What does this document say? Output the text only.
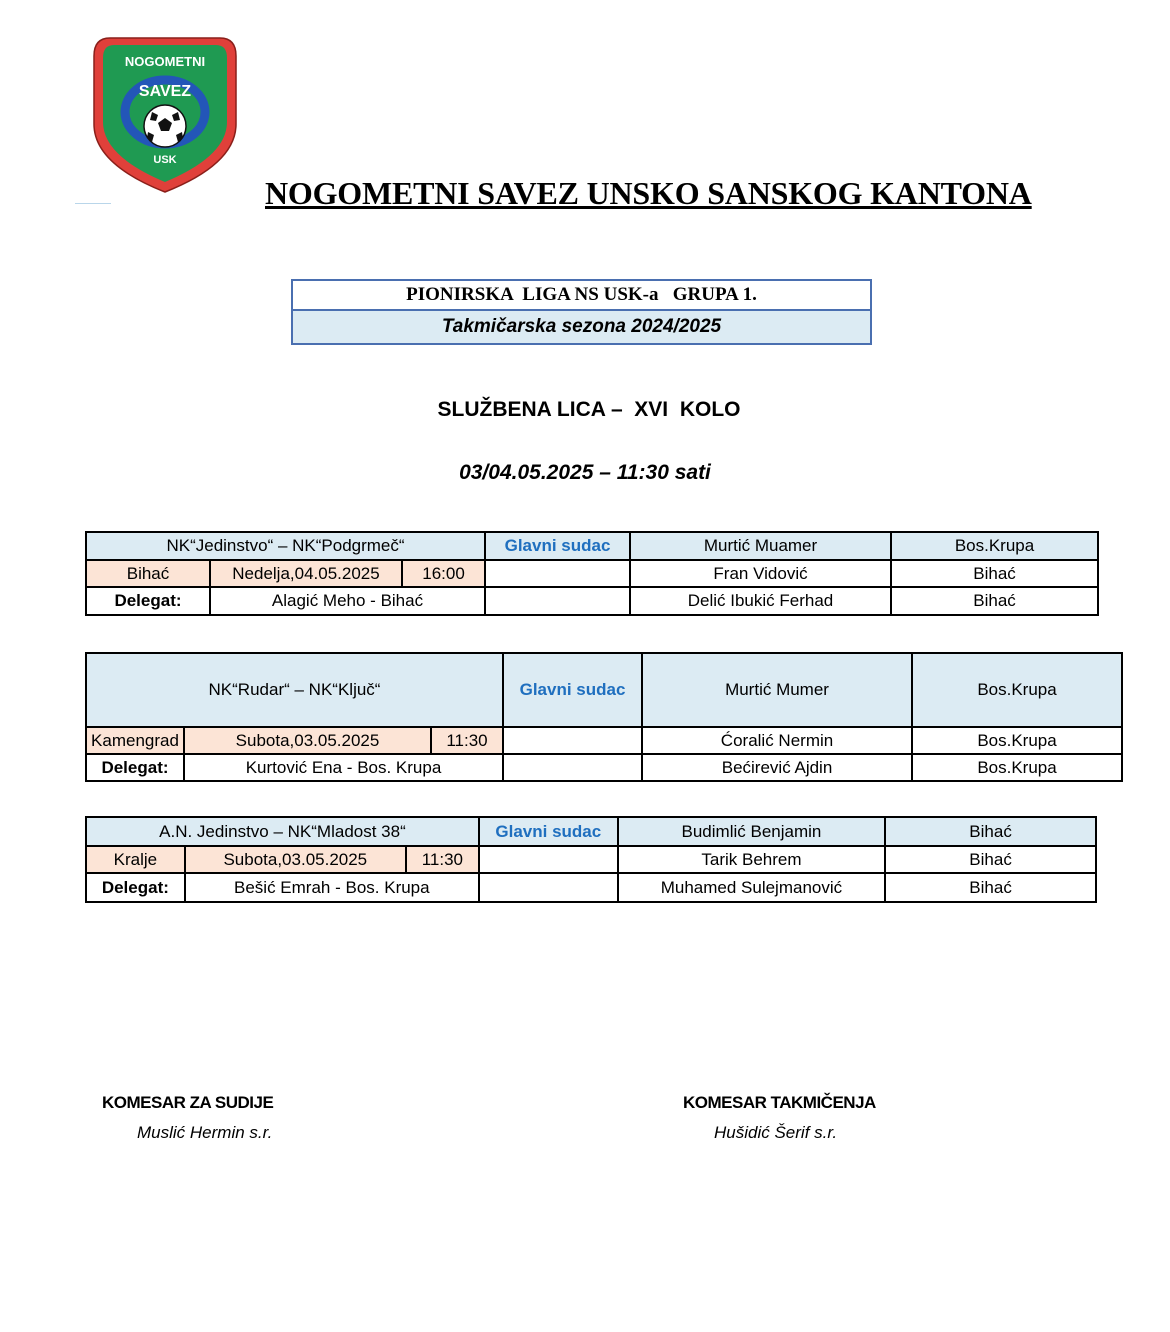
NOGOMETNI
SAVEZ
USK
NOGOMETNI SAVEZ UNSKO SANSKOG KANTONA
PIONIRSKA  LIGA NS USK-a   GRUPA 1.
Takmičarska sezona 2024/2025

SLUŽBENA LICA –  XVI  KOLO

03/04.05.2025 – 11:30 sati

NK“Jedinstvo“ – NK“Podgrmeč“			Glavni sudac	Murtić Muamer	Bos.Krupa
Bihać	Nedelja,04.05.2025	16:00		Fran Vidović	Bihać
Delegat:	Alagić Meho - Bihać			Delić Ibukić Ferhad	Bihać
NK“Rudar“ – NK“Ključ“			Glavni sudac	Murtić Mumer	Bos.Krupa
Kamengrad	Subota,03.05.2025	11:30		Ćoralić Nermin	Bos.Krupa
Delegat:	Kurtović Ena - Bos. Krupa			Bećirević Ajdin	Bos.Krupa
A.N. Jedinstvo – NK“Mladost 38“			Glavni sudac	Budimlić Benjamin	Bihać
Kralje	Subota,03.05.2025	11:30		Tarik Behrem	Bihać
Delegat:	Bešić Emrah - Bos. Krupa			Muhamed Sulejmanović	Bihać
KOMESAR ZA SUDIJE
Muslić Hermin s.r.
KOMESAR TAKMIČENJA
Hušidić Šerif s.r.
